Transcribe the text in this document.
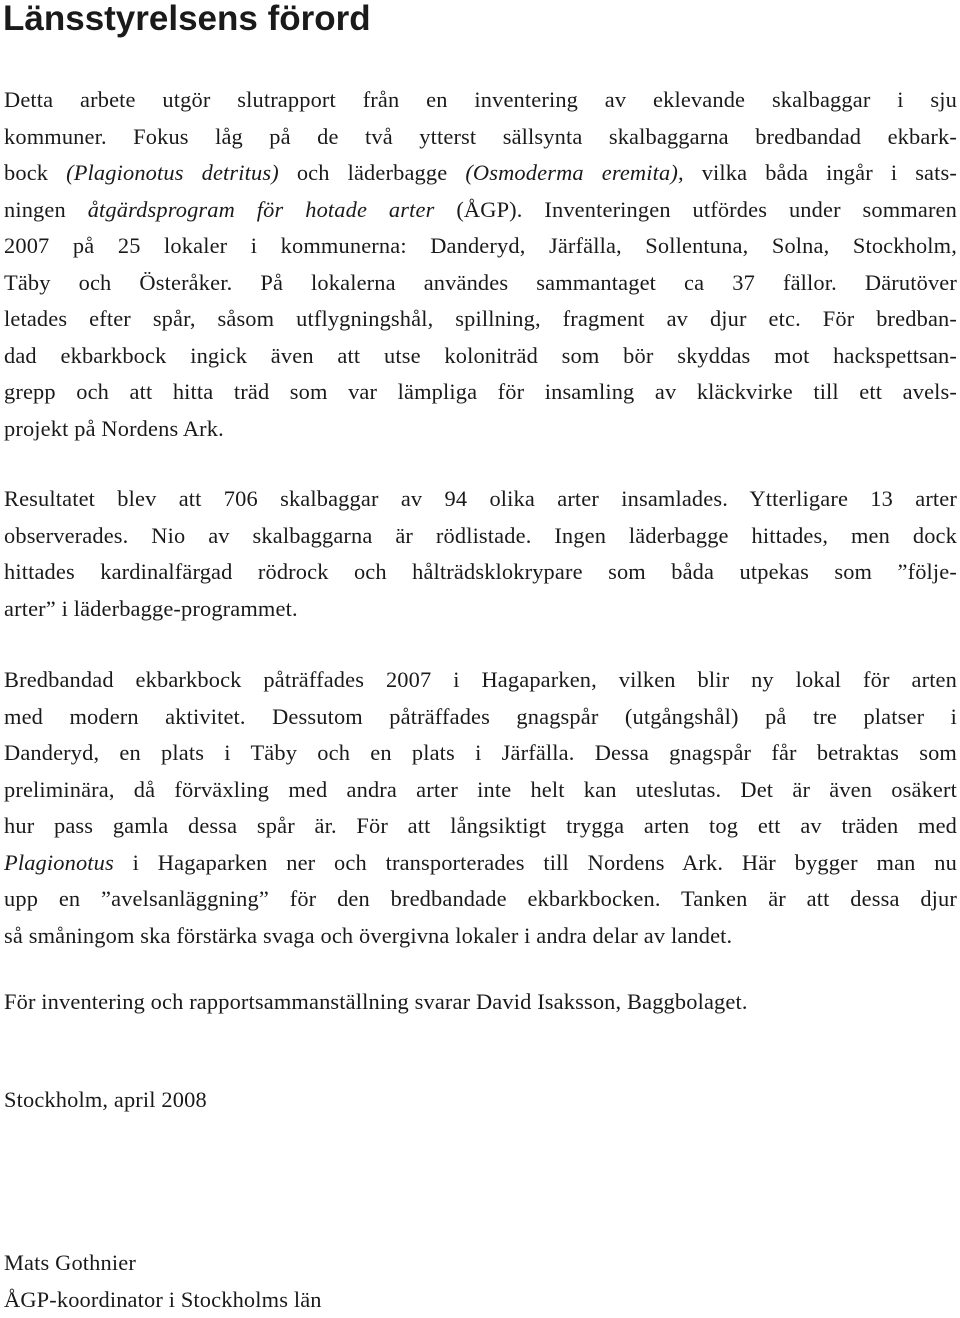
Länsstyrelsens förord

Detta arbete utgör slutrapport från en inventering av eklevande skalbaggar i sju
kommuner. Fokus låg på de två ytterst sällsynta skalbaggarna bredbandad ekbark-
bock (Plagionotus detritus) och läderbagge (Osmoderma eremita), vilka båda ingår i sats-
ningen åtgärdsprogram för hotade arter (ÅGP). Inventeringen utfördes under sommaren
2007 på 25 lokaler i kommunerna: Danderyd, Järfälla, Sollentuna, Solna, Stockholm,
Täby och Österåker. På lokalerna användes sammantaget ca 37 fällor. Därutöver
letades efter spår, såsom utflygningshål, spillning, fragment av djur etc. För bredban-
dad ekbarkbock ingick även att utse koloniträd som bör skyddas mot hackspettsan-
grepp och att hitta träd som var lämpliga för insamling av kläckvirke till ett avels-
projekt på Nordens Ark.

Resultatet blev att 706 skalbaggar av 94 olika arter insamlades. Ytterligare 13 arter
observerades. Nio av skalbaggarna är rödlistade. Ingen läderbagge hittades, men dock
hittades kardinalfärgad rödrock och hålträdsklokrypare som båda utpekas som ”följe-
arter” i läderbagge-programmet.

Bredbandad ekbarkbock påträffades 2007 i Hagaparken, vilken blir ny lokal för arten
med modern aktivitet. Dessutom påträffades gnagspår (utgångshål) på tre platser i
Danderyd, en plats i Täby och en plats i Järfälla. Dessa gnagspår får betraktas som
preliminära, då förväxling med andra arter inte helt kan uteslutas. Det är även osäkert
hur pass gamla dessa spår är. För att långsiktigt trygga arten tog ett av träden med
Plagionotus i Hagaparken ner och transporterades till Nordens Ark. Här bygger man nu
upp en ”avelsanläggning” för den bredbandade ekbarkbocken. Tanken är att dessa djur
så småningom ska förstärka svaga och övergivna lokaler i andra delar av landet.

För inventering och rapportsammanställning svarar David Isaksson, Baggbolaget.

Stockholm, april 2008

Mats Gothnier
ÅGP-koordinator i Stockholms län
